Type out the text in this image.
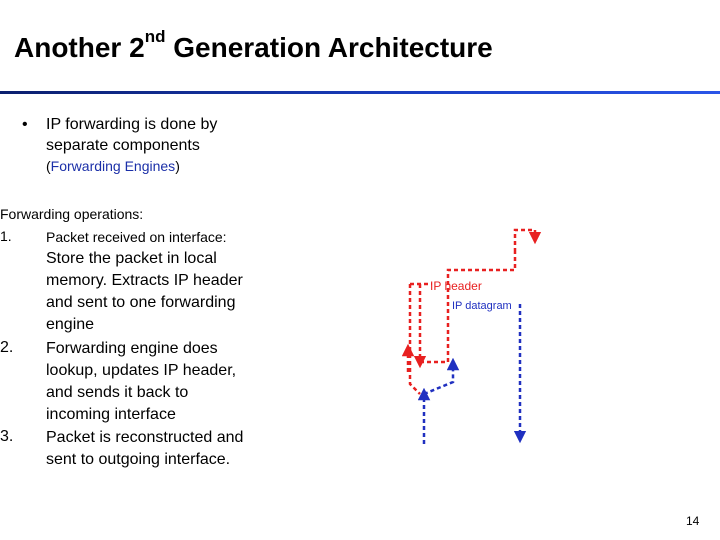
Another 2nd Generation Architecture
• IP forwarding is done by
separate components
(Forwarding Engines)
Forwarding operations:
1. Packet received on interface:
Store the packet in local
memory. Extracts IP header
and sent to one forwarding
engine
2. Forwarding engine does
lookup, updates IP header,
and sends it back to
incoming interface
3. Packet is reconstructed and
sent to outgoing interface.
IP header
IP datagram
14
